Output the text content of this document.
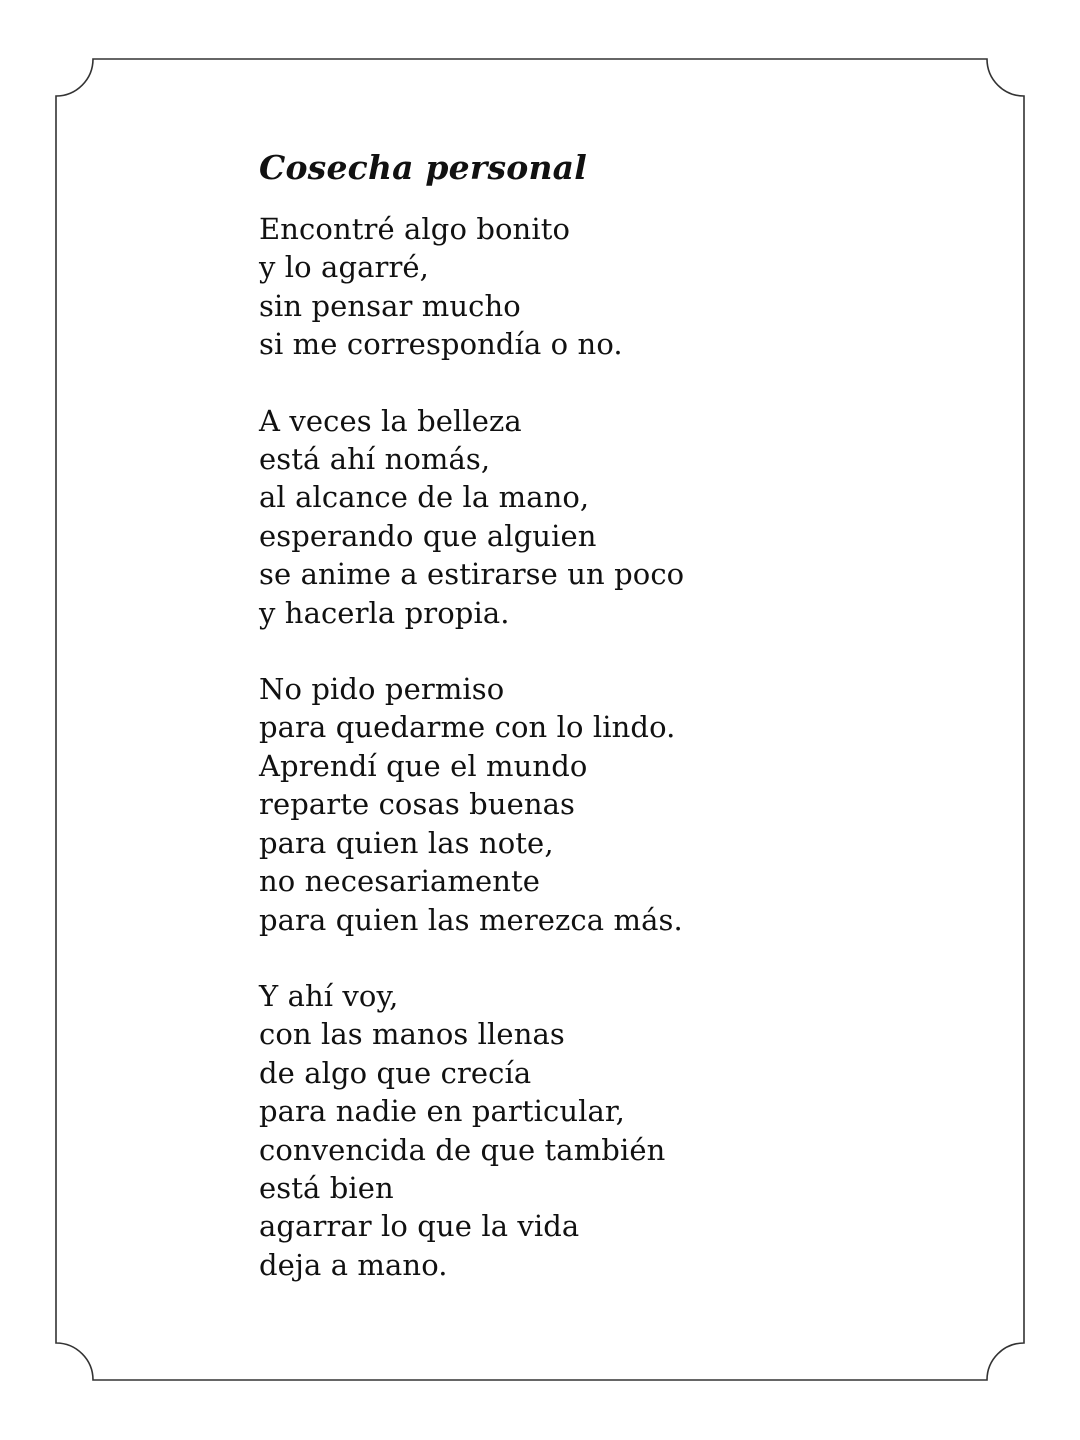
Cosecha personal
Encontré algo bonito
y lo agarré,
sin pensar mucho
si me correspondía o no.
A veces la belleza
está ahí nomás,
al alcance de la mano,
esperando que alguien
se anime a estirarse un poco
y hacerla propia.
No pido permiso
para quedarme con lo lindo.
Aprendí que el mundo
reparte cosas buenas
para quien las note,
no necesariamente
para quien las merezca más.
Y ahí voy,
con las manos llenas
de algo que crecía
para nadie en particular,
convencida de que también
está bien
agarrar lo que la vida
deja a mano.
